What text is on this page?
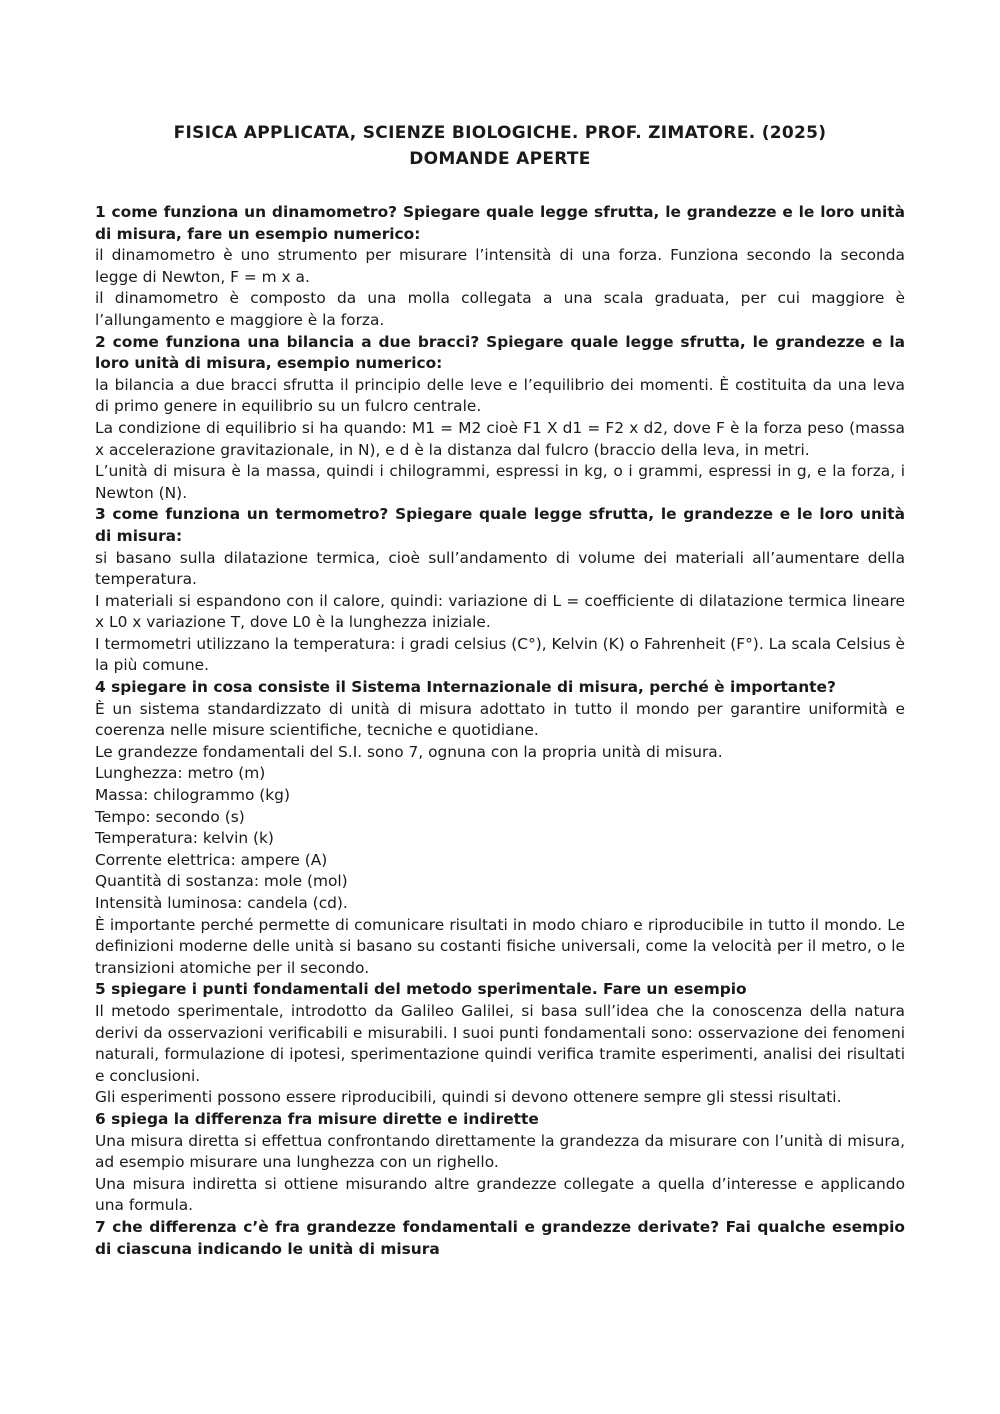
FISICA APPLICATA, SCIENZE BIOLOGICHE. PROF. ZIMATORE. (2025)
DOMANDE APERTE

1 come funziona un dinamometro? Spiegare quale legge sfrutta, le grandezze e le loro unità di misura, fare un esempio numerico:

il dinamometro è uno strumento per misurare l’intensità di una forza. Funziona secondo la seconda legge di Newton, F = m x a.

il dinamometro è composto da una molla collegata a una scala graduata, per cui maggiore è l’allungamento e maggiore è la forza.

2 come funziona una bilancia a due bracci? Spiegare quale legge sfrutta, le grandezze e la loro unità di misura, esempio numerico:

la bilancia a due bracci sfrutta il principio delle leve e l’equilibrio dei momenti. È costituita da una leva di primo genere in equilibrio su un fulcro centrale.

La condizione di equilibrio si ha quando: M1 = M2 cioè F1 X d1 = F2 x d2, dove F è la forza peso (massa x accelerazione gravitazionale, in N), e d è la distanza dal fulcro (braccio della leva, in metri.

L’unità di misura è la massa, quindi i chilogrammi, espressi in kg, o i grammi, espressi in g, e la forza, i Newton (N).

3 come funziona un termometro? Spiegare quale legge sfrutta, le grandezze e le loro unità di misura:

si basano sulla dilatazione termica, cioè sull’andamento di volume dei materiali all’aumentare della temperatura.

I materiali si espandono con il calore, quindi: variazione di L = coefficiente di dilatazione termica lineare x L0 x variazione T, dove L0 è la lunghezza iniziale.

I termometri utilizzano la temperatura: i gradi celsius (C°), Kelvin (K) o Fahrenheit (F°). La scala Celsius è la più comune.

4 spiegare in cosa consiste il Sistema Internazionale di misura, perché è importante?

È un sistema standardizzato di unità di misura adottato in tutto il mondo per garantire uniformità e coerenza nelle misure scientifiche, tecniche e quotidiane.

Le grandezze fondamentali del S.I. sono 7, ognuna con la propria unità di misura.

Lunghezza: metro (m)

Massa: chilogrammo (kg)

Tempo: secondo (s)

Temperatura: kelvin (k)

Corrente elettrica: ampere (A)

Quantità di sostanza: mole (mol)

Intensità luminosa: candela (cd).

È importante perché permette di comunicare risultati in modo chiaro e riproducibile in tutto il mondo. Le definizioni moderne delle unità si basano su costanti fisiche universali, come la velocità per il metro, o le transizioni atomiche per il secondo.

5 spiegare i punti fondamentali del metodo sperimentale. Fare un esempio

Il metodo sperimentale, introdotto da Galileo Galilei, si basa sull’idea che la conoscenza della natura derivi da osservazioni verificabili e misurabili. I suoi punti fondamentali sono: osservazione dei fenomeni naturali, formulazione di ipotesi, sperimentazione quindi verifica tramite esperimenti, analisi dei risultati e conclusioni.

Gli esperimenti possono essere riproducibili, quindi si devono ottenere sempre gli stessi risultati.

6 spiega la differenza fra misure dirette e indirette

Una misura diretta si effettua confrontando direttamente la grandezza da misurare con l’unità di misura, ad esempio misurare una lunghezza con un righello.

Una misura indiretta si ottiene misurando altre grandezze collegate a quella d’interesse e applicando una formula.

7 che differenza c’è fra grandezze fondamentali e grandezze derivate? Fai qualche esempio di ciascuna indicando le unità di misura
